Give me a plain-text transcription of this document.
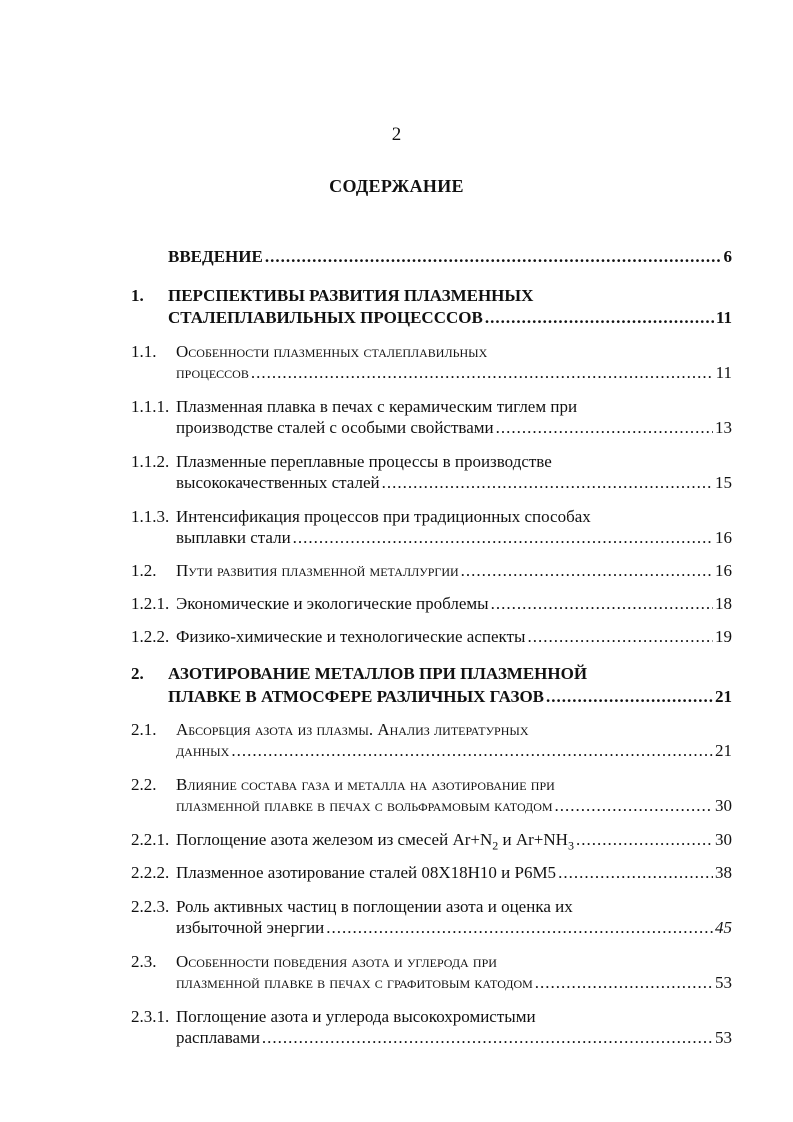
2
СОДЕРЖАНИЕ
ВВЕДЕНИЕ .....	6
1. ПЕРСПЕКТИВЫ РАЗВИТИЯ ПЛАЗМЕННЫХ
СТАЛЕПЛАВИЛЬНЫХ ПРОЦЕСССОВ .....	11
1.1. Особенности плазменных сталеплавильных
процессов .....	11
1.1.1. Плазменная плавка в печах с керамическим тиглем при
производстве сталей с особыми свойствами .....	13
1.1.2. Плазменные переплавные процессы в производстве
высококачественных сталей .....	15
1.1.3. Интенсификация процессов при традиционных способах
выплавки стали .....	16
1.2. Пути развития плазменной металлургии .....	16
1.2.1. Экономические и экологические проблемы .....	18
1.2.2. Физико-химические и технологические аспекты .....	19
2. АЗОТИРОВАНИЕ МЕТАЛЛОВ ПРИ ПЛАЗМЕННОЙ
ПЛАВКЕ В АТМОСФЕРЕ РАЗЛИЧНЫХ ГАЗОВ .....	21
2.1. Абсорбция азота из плазмы. Анализ литературных
данных .....	21
2.2. Влияние состава газа и металла на азотирование при
плазменной плавке в печах с вольфрамовым катодом .....	30
2.2.1. Поглощение азота железом из смесей $Ar+N_2$ и $Ar+NH_3$ .....	30
2.2.2. Плазменное азотирование сталей 08Х18Н10 и Р6М5 .....	38
2.2.3. Роль активных частиц в поглощении азота и оценка их
избыточной энергии .....	45
2.3. Особенности поведения азота и углерода при
плазменной плавке в печах с графитовым катодом .....	53
2.3.1. Поглощение азота и углерода высокохромистыми
расплавами .....	53
